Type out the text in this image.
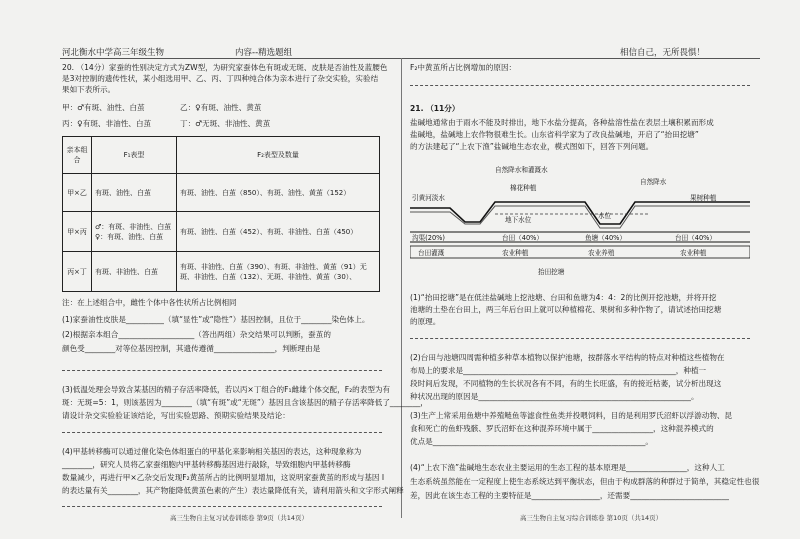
河北衡水中学高三年级生物	内容--精选题组	相信自己，无所畏惧！
20. （14分）家蚕的性别决定方式为ZW型，为研究家蚕体色有斑或无斑、皮肤是否油性及蓝腰色
是3对控制的遗传性状，某小组选用甲、乙、丙、丁四种纯合体为亲本进行了杂交实验，实验结
果如下表所示。
甲：♂有斑、油性、白茧	乙：♀有斑、油性、黄茧
丙：♀有斑、非油性、白茧	丁：♂无斑、非油性、黄茧
亲本组合	F₁表型	F₂表型及数量
甲×乙	有斑、油性、白茧	有斑、油性、白茧（850）、有斑、油性、黄茧（152）
甲×丙	♂：有斑、非油性、白茧 ♀：有斑、油性、白茧	有斑、油性、白茧（452）、有斑、非油性、白茧（450）
丙×丁	有斑、非油性、白茧	有斑、非油性、白茧（390）、有斑、非油性、黄茧（91）无斑、非油性、白茧（132）、无斑、非油性、黄茧（30）、
注：在上述组合中，雌性个体中各性状所占比例相同
(1)家蚕油性皮肤是__________（填“显性”或“隐性”）基因控制，且位于________染色体上。
(2)根据亲本组合____________________（答出两组）杂交结果可以判断，蚕茧的
颜色受________对等位基因控制，其遗传遵循________________，判断理由是
(3)低温处理会导致含某基因的精子存活率降低，若以丙×丁组合的F₁雌雄个体交配，F₂的表型为有
斑：无斑=5：1，则该基因为________（填“有斑”或“无斑”）基因且含该基因的精子存活率降低了________，
请设计杂交实验验证该结论，写出实验思路、预期实验结果及结论：
(4)甲基转移酶可以通过催化染色体组蛋白的甲基化来影响相关基因的表达，这种现象称为
________，研究人员将乙家蚕细胞内甲基转移酶基因进行敲除，导致细胞内甲基转移酶
数量减少，再进行甲×乙杂交后发现F₂黄茧所占的比例明显增加，这说明家蚕黄茧的形成与基因 I
的表达量有关________，其产物能降低黄茧色素的产生）表达量降低有关，请利用箭头和文字形式阐释
F₂中黄茧所占比例增加的原因：
21. （11分）
盐碱地通常由于雨水不能及时排出，地下水盐分提高，各种盐溶性盐在表层土壤积累而形成
盐碱地，盐碱地上农作物很难生长。山东省科学家为了改良盐碱地，开启了“抬田挖塘”
的方法建起了“上农下渔”盐碱地生态农业，模式图如下，回答下列问题。
自然降水和灌溉水
棉花种植
自然降水
果树种植
引黄河淡水
地下水位	水位
沟渠(20%)	台田（40%）	鱼塘（40%）	台田（40%）
台田灌溉	农业种植	农业养殖	农业种植
抬田挖塘
(1)“抬田挖塘”是在低洼盐碱地上挖池塘、台田和鱼塘为4：4：2的比例开挖池塘，并将开挖
池塘的土垫在台田上，两三年后台田上就可以种植棉花、果树和多种作物了，请试述抬田挖塘
的原理。
(2)台田与池塘四周需种植多种草本植物以保护池塘，按群落水平结构的特点对种植这些植物在
布局上的要求是________________________________________________________，种植一
段时间后发现，不同植物的生长状况各有不同，有的生长旺盛，有的接近枯萎，试分析出现这
种状况出现的原因是________________________________________________________。
(3)生产上常采用鱼塘中养殖鲢鱼等滤食性鱼类并投喂饲料，目的是利用罗氏沼虾以浮游动物、昆
食和死亡的鱼虾残骸、罗氏沼虾在这种混养环境中属于________________，这种混养模式的
优点是________________________________________________________。
(4)“上农下渔”盐碱地生态农业主要运用的生态工程的基本原理是________________，这种人工
生态系统虽然能在一定程度上使生态系统达到平衡状态，但由于构成群落的种群过于简单，其稳定性也很
差，因此在该生态工程的主要特征是__________________，还需要__________________________
高三生物自主复习试卷训练卷 第9页（共14页）	高三生物自主复习综合训练卷 第10页（共14页）
